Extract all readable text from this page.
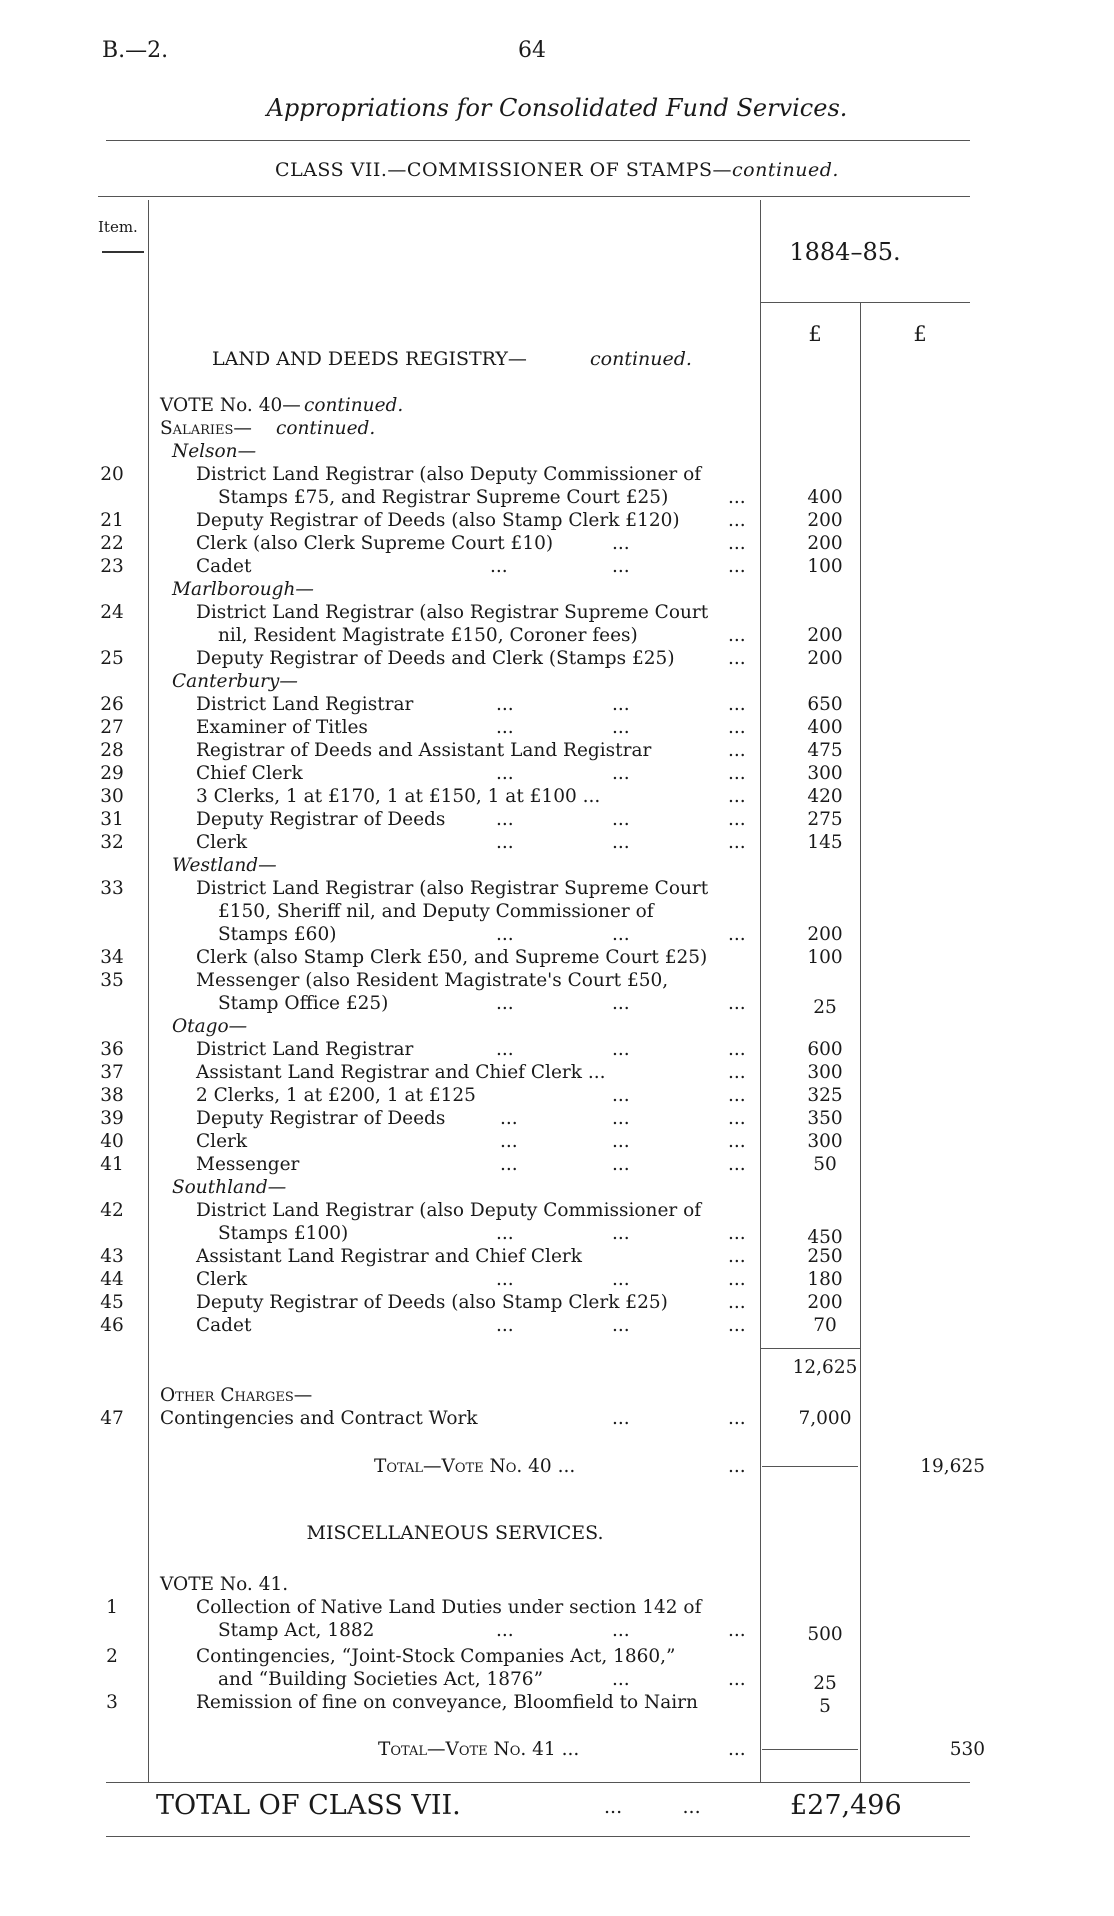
B.—2.	64
Appropriations for Consolidated Fund Services.
CLASS VII.—COMMISSIONER OF STAMPS—continued.
Item.
1884–85.
£	£
LAND AND DEEDS REGISTRY—	continued.
VOTE No. 40— continued.
Salaries— continued.
Nelson—
20	District Land Registrar (also Deputy Commissioner of
Stamps £75, and Registrar Supreme Court £25)	...	400
21	Deputy Registrar of Deeds (also Stamp Clerk £120)	...	200
22	Clerk (also Clerk Supreme Court £10)	...	...	200
23	Cadet	...	...	...	100
Marlborough—
24	District Land Registrar (also Registrar Supreme Court
nil, Resident Magistrate £150, Coroner fees)	...	200
25	Deputy Registrar of Deeds and Clerk (Stamps £25)	...	200
Canterbury—
26	District Land Registrar	...	...	...	650
27	Examiner of Titles	...	...	...	400
28	Registrar of Deeds and Assistant Land Registrar	...	475
29	Chief Clerk	...	...	...	300
30	3 Clerks, 1 at £170, 1 at £150, 1 at £100 ...	...	420
31	Deputy Registrar of Deeds	...	...	...	275
32	Clerk	...	...	...	145
Westland—
33	District Land Registrar (also Registrar Supreme Court
£150, Sheriff nil, and Deputy Commissioner of
Stamps £60)	...	...	...	200
34	Clerk (also Stamp Clerk £50, and Supreme Court £25)	100
35	Messenger (also Resident Magistrate's Court £50,
Stamp Office £25)	...	...	...	25
Otago—
36	District Land Registrar	...	...	...	600
37	Assistant Land Registrar and Chief Clerk ...	...	300
38	2 Clerks, 1 at £200, 1 at £125	...	...	325
39	Deputy Registrar of Deeds	...	...	...	350
40	Clerk	...	...	...	300
41	Messenger	...	...	...	50
Southland—
42	District Land Registrar (also Deputy Commissioner of
Stamps £100)	...	...	...	450
43	Assistant Land Registrar and Chief Clerk	...	250
44	Clerk	...	...	...	180
45	Deputy Registrar of Deeds (also Stamp Clerk £25)	...	200
46	Cadet	...	...	...	70
12,625
Other Charges—
47	Contingencies and Contract Work	...	...	7,000
Total—Vote No. 40 ...	...	19,625
MISCELLANEOUS SERVICES.
VOTE No. 41.
1	Collection of Native Land Duties under section 142 of
Stamp Act, 1882	...	...	...	500
2	Contingencies, “Joint-Stock Companies Act, 1860,”
and “Building Societies Act, 1876”	...	...	25
3	Remission of fine on conveyance, Bloomfield to Nairn	5
Total—Vote No. 41 ...	...	530
TOTAL OF CLASS VII.	...          ...	£27,496
